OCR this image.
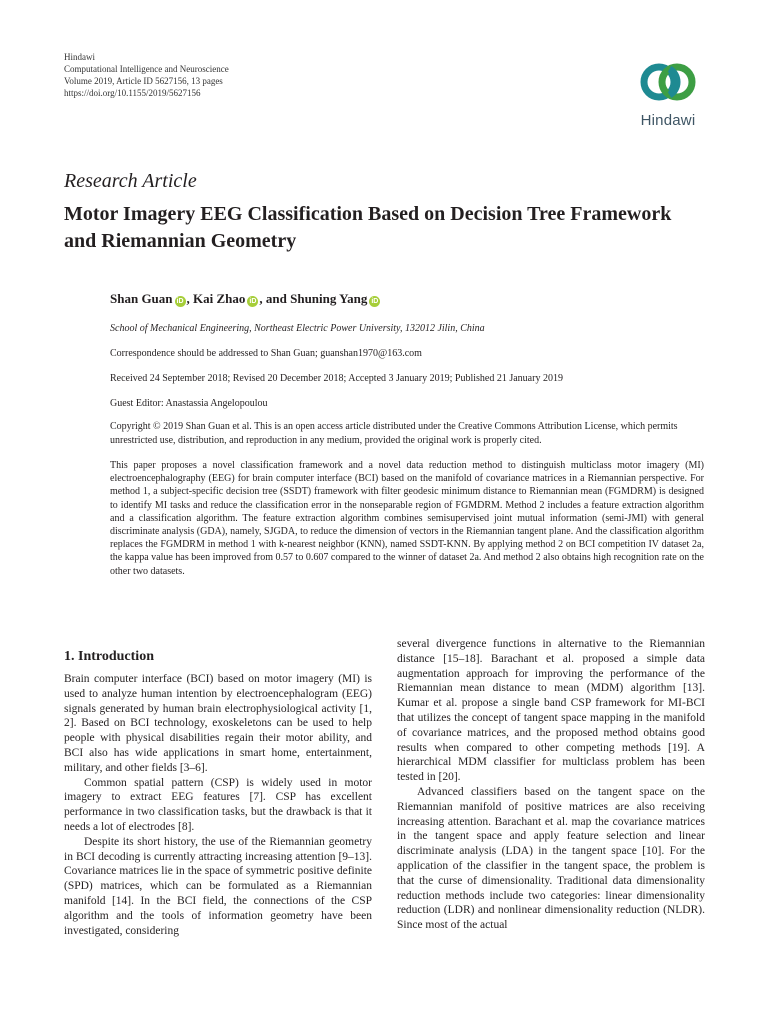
Hindawi
Computational Intelligence and Neuroscience
Volume 2019, Article ID 5627156, 13 pages
https://doi.org/10.1155/2019/5627156
Hindawi
Research Article
Motor Imagery EEG Classification Based on Decision Tree Framework and Riemannian Geometry
Shan Guan iD , Kai Zhao iD , and Shuning Yang iD
School of Mechanical Engineering, Northeast Electric Power University, 132012 Jilin, China
Correspondence should be addressed to Shan Guan; guanshan1970@163.com
Received 24 September 2018; Revised 20 December 2018; Accepted 3 January 2019; Published 21 January 2019
Guest Editor: Anastassia Angelopoulou
Copyright © 2019 Shan Guan et al. This is an open access article distributed under the Creative Commons Attribution License, which permits unrestricted use, distribution, and reproduction in any medium, provided the original work is properly cited.
This paper proposes a novel classification framework and a novel data reduction method to distinguish multiclass motor imagery (MI) electroencephalography (EEG) for brain computer interface (BCI) based on the manifold of covariance matrices in a Riemannian perspective. For method 1, a subject-specific decision tree (SSDT) framework with filter geodesic minimum distance to Riemannian mean (FGMDRM) is designed to identify MI tasks and reduce the classification error in the nonseparable region of FGMDRM. Method 2 includes a feature extraction algorithm and a classification algorithm. The feature extraction algorithm combines semisupervised joint mutual information (semi-JMI) with general discriminate analysis (GDA), namely, SJGDA, to reduce the dimension of vectors in the Riemannian tangent plane. And the classification algorithm replaces the FGMDRM in method 1 with k-nearest neighbor (KNN), named SSDT-KNN. By applying method 2 on BCI competition IV dataset 2a, the kappa value has been improved from 0.57 to 0.607 compared to the winner of dataset 2a. And method 2 also obtains high recognition rate on the other two datasets.
1. Introduction

Brain computer interface (BCI) based on motor imagery (MI) is used to analyze human intention by electroencephalogram (EEG) signals generated by human brain electrophysiological activity [1, 2]. Based on BCI technology, exoskeletons can be used to help people with physical disabilities regain their motor ability, and BCI also has wide applications in smart home, entertainment, military, and other fields [3–6].

Common spatial pattern (CSP) is widely used in motor imagery to extract EEG features [7]. CSP has excellent performance in two classification tasks, but the drawback is that it needs a lot of electrodes [8].

Despite its short history, the use of the Riemannian geometry in BCI decoding is currently attracting increasing attention [9–13]. Covariance matrices lie in the space of symmetric positive definite (SPD) matrices, which can be formulated as a Riemannian manifold [14]. In the BCI field, the connections of the CSP algorithm and the tools of information geometry have been investigated, considering

several divergence functions in alternative to the Riemannian distance [15–18]. Barachant et al. proposed a simple data augmentation approach for improving the performance of the Riemannian mean distance to mean (MDM) algorithm [13]. Kumar et al. propose a single band CSP framework for MI-BCI that utilizes the concept of tangent space mapping in the manifold of covariance matrices, and the proposed method obtains good results when compared to other competing methods [19]. A hierarchical MDM classifier for multiclass problem has been tested in [20].

Advanced classifiers based on the tangent space on the Riemannian manifold of positive matrices are also receiving increasing attention. Barachant et al. map the covariance matrices in the tangent space and apply feature selection and linear discriminate analysis (LDA) in the tangent space [10]. For the application of the classifier in the tangent space, the problem is that the curse of dimensionality. Traditional data dimensionality reduction methods include two categories: linear dimensionality reduction (LDR) and nonlinear dimensionality reduction (NLDR). Since most of the actual
